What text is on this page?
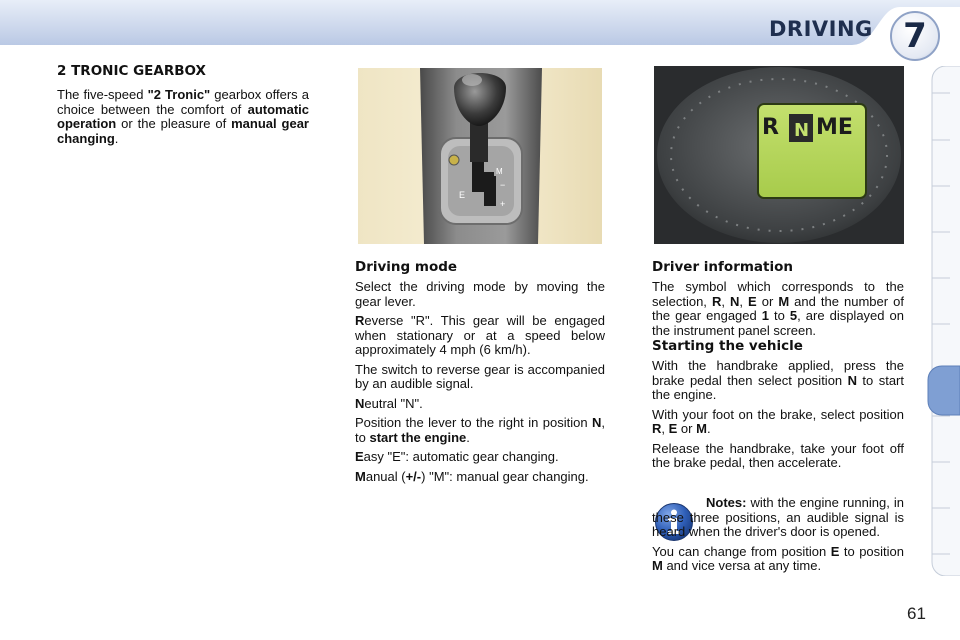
DRIVING 7
2 TRONIC GEARBOX

The five-speed "2 Tronic" gearbox offers a choice between the comfort of automatic operation or the pleasure of manual gear changing.

E
M
+
−
R N ME
Driving mode

Select the driving mode by moving the gear lever.

Reverse "R". This gear will be engaged when stationary or at a speed below approximately 4 mph (6 km/h).

The switch to reverse gear is accompanied by an audible signal.

Neutral "N".

Position the lever to the right in position N, to start the engine.

Easy "E": automatic gear changing.

Manual (+/-) "M": manual gear changing.

Driver information

The symbol which corresponds to the selection, R, N, E or M and the number of the gear engaged 1 to 5, are displayed on the instrument panel screen.

Starting the vehicle

With the handbrake applied, press the brake pedal then select position N to start the engine.

With your foot on the brake, select position R, E or M.

Release the handbrake, take your foot off the brake pedal, then accelerate.

Notes: with the engine running, in these three positions, an audible signal is heard when the driver's door is opened.

You can change from position E to position M and vice versa at any time.

61
